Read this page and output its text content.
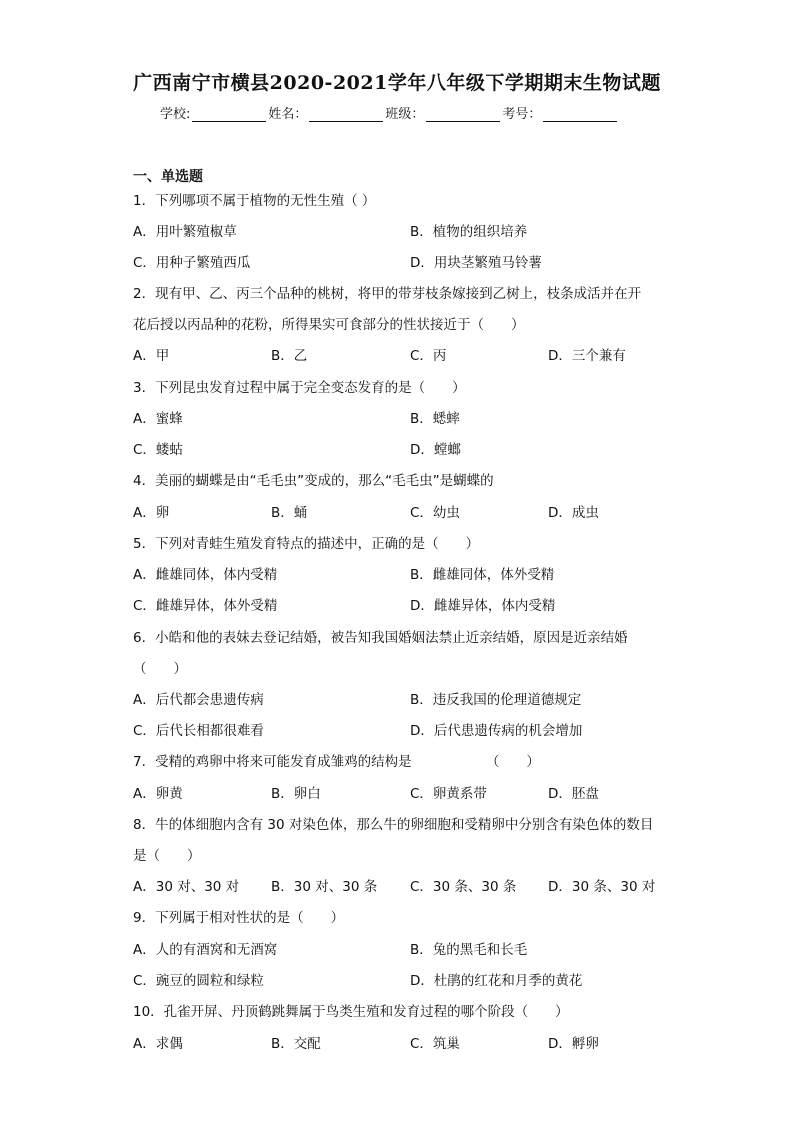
广西南宁市横县2020-2021学年八年级下学期期末生物试题
学校:	姓名：	班级：	考号：
一、单选题
1．下列哪项不属于植物的无性生殖（ ）
A．用叶繁殖椒草	B．植物的组织培养
C．用种子繁殖西瓜	D．用块茎繁殖马铃薯
2．现有甲、乙、丙三个品种的桃树，将甲的带芽枝条嫁接到乙树上，枝条成活并在开
花后授以丙品种的花粉，所得果实可食部分的性状接近于（　　）
A．甲	B．乙	C．丙	D．三个兼有
3．下列昆虫发育过程中属于完全变态发育的是（　　）
A．蜜蜂	B．蟋蟀
C．蝼蛄	D．螳螂
4．美丽的蝴蝶是由“毛毛虫”变成的，那么“毛毛虫”是蝴蝶的
A．卵	B．蛹	C．幼虫	D．成虫
5．下列对青蛙生殖发育特点的描述中，正确的是（　　）
A．雌雄同体，体内受精	B．雌雄同体，体外受精
C．雌雄异体，体外受精	D．雌雄异体，体内受精
6．小皓和他的表妹去登记结婚，被告知我国婚姻法禁止近亲结婚，原因是近亲结婚
（　　）
A．后代都会患遗传病	B．违反我国的伦理道德规定
C．后代长相都很难看	D．后代患遗传病的机会增加
7．受精的鸡卵中将来可能发育成雏鸡的结构是　　　　　　（　　）
A．卵黄	B．卵白	C．卵黄系带	D．胚盘
8．牛的体细胞内含有 30 对染色体，那么牛的卵细胞和受精卵中分别含有染色体的数目
是（　　）
A．30 对、30 对 B．30 对、30 条 C．30 条、30 条 D．30 条、30 对
9．下列属于相对性状的是（　　）
A．人的有酒窝和无酒窝	B．兔的黑毛和长毛
C．豌豆的圆粒和绿粒	D．杜鹃的红花和月季的黄花
10．孔雀开屏、丹顶鹤跳舞属于鸟类生殖和发育过程的哪个阶段（　　）
A．求偶	B．交配	C．筑巢	D．孵卵
